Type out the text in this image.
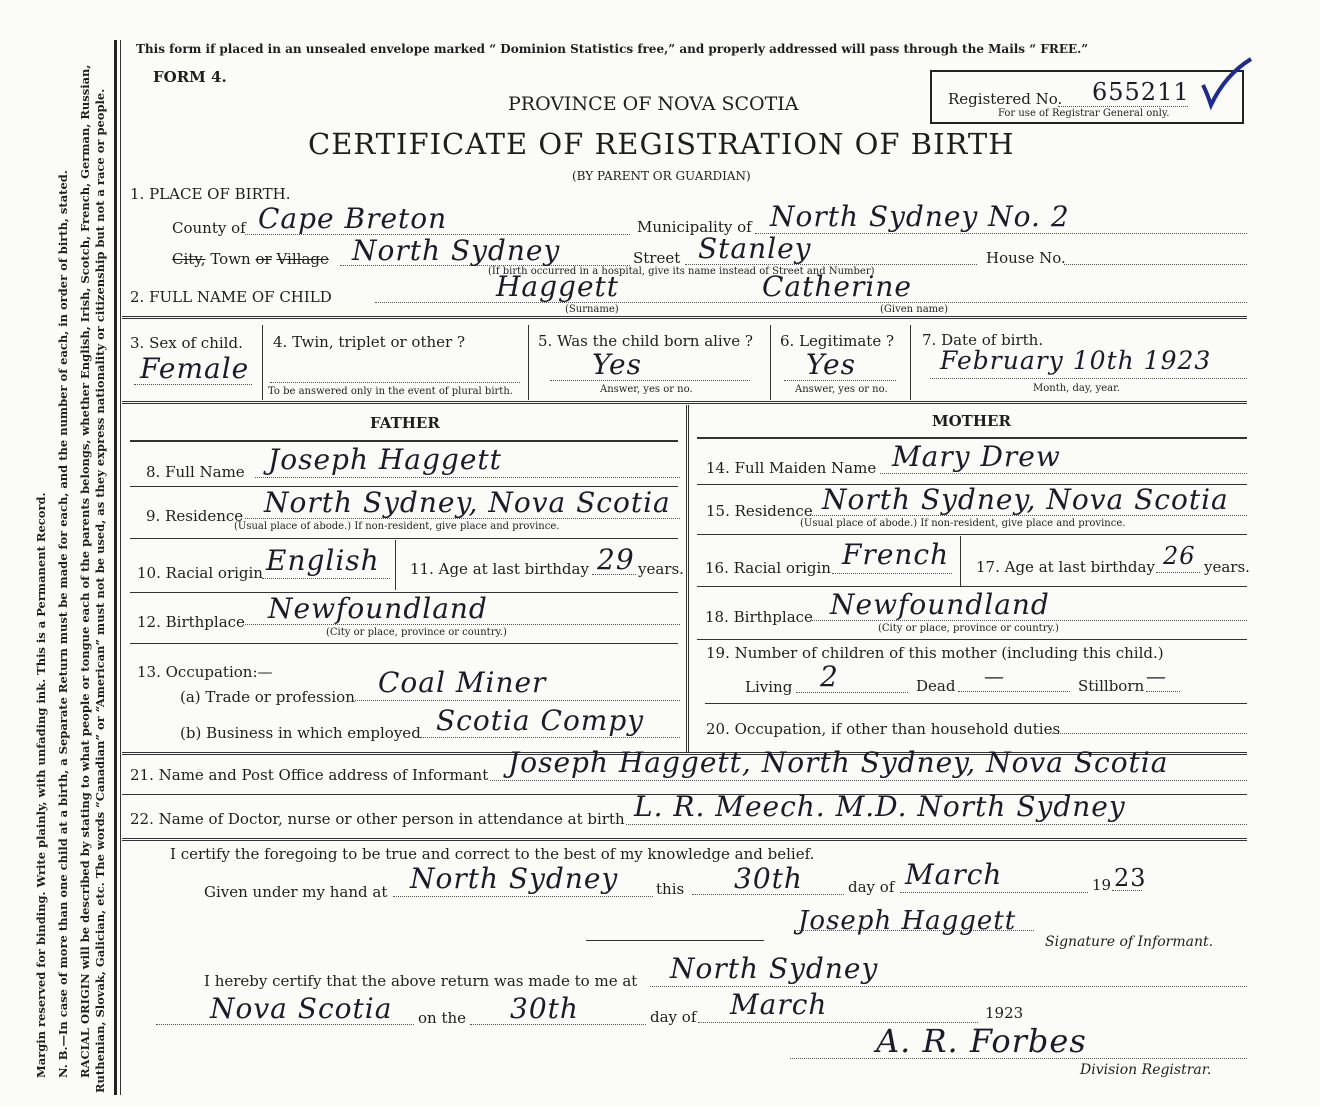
Margin reserved for binding. Write plainly, with unfading ink. This is a Permanent Record. N. B.—In case of more than one child at a birth, a Separate Return must be made for each, and the number of each, in order of birth, stated. RACIAL ORIGIN will be described by stating to what people or tongue each of the parents belongs, whether English, Irish, Scotch, French, German, Russian, Ruthenian, Slovak, Galician, etc. The words “Canadian” or “American” must not be used, as they express nationality or citizenship but not a race or people.
This form if placed in an unsealed envelope marked “ Dominion Statistics free,” and properly addressed will pass through the Mails “ FREE.”
FORM 4.
PROVINCE OF NOVA SCOTIA
CERTIFICATE OF REGISTRATION OF BIRTH
(BY PARENT OR GUARDIAN)
Registered No. 655211
For use of Registrar General only.
1. PLACE OF BIRTH.
County of Cape Breton	Municipality of North Sydney No. 2
City, Town or Village North Sydney	Street Stanley	House No.
(If birth occurred in a hospital, give its name instead of Street and Number)
2. FULL NAME OF CHILD	Haggett	Catherine
(Surname)	(Given name)
3. Sex of child.
Female
4. Twin, triplet or other ?
To be answered only in the event of plural birth.
5. Was the child born alive ?
Yes
Answer, yes or no.
6. Legitimate ?
Yes
Answer, yes or no.
7. Date of birth.
February 10th 1923
Month, day, year.
FATHER	MOTHER
8. Full Name Joseph Haggett	14. Full Maiden Name Mary Drew
9. Residence North Sydney, Nova Scotia
(Usual place of abode.) If non-resident, give place and province.
15. Residence North Sydney, Nova Scotia
(Usual place of abode.) If non-resident, give place and province.
10. Racial origin English 11. Age at last birthday 29 years. 16. Racial origin French 17. Age at last birthday 26 years.
12. Birthplace Newfoundland
(City or place, province or country.)
18. Birthplace Newfoundland
(City or place, province or country.)
13. Occupation:—
(a) Trade or profession Coal Miner
(b) Business in which employed Scotia Compy
19. Number of children of this mother (including this child.)
Living 2	Dead —	Stillborn —
20. Occupation, if other than household duties
21. Name and Post Office address of Informant Joseph Haggett, North Sydney, Nova Scotia
22. Name of Doctor, nurse or other person in attendance at birth L. R. Meech. M.D. North Sydney
I certify the foregoing to be true and correct to the best of my knowledge and belief.
Given under my hand at North Sydney	this 30th	day of March	19 23
Joseph Haggett
Signature of Informant.
I hereby certify that the above return was made to me at North Sydney
Nova Scotia on the 30th	day of March	1923
A. R. Forbes
Division Registrar.
